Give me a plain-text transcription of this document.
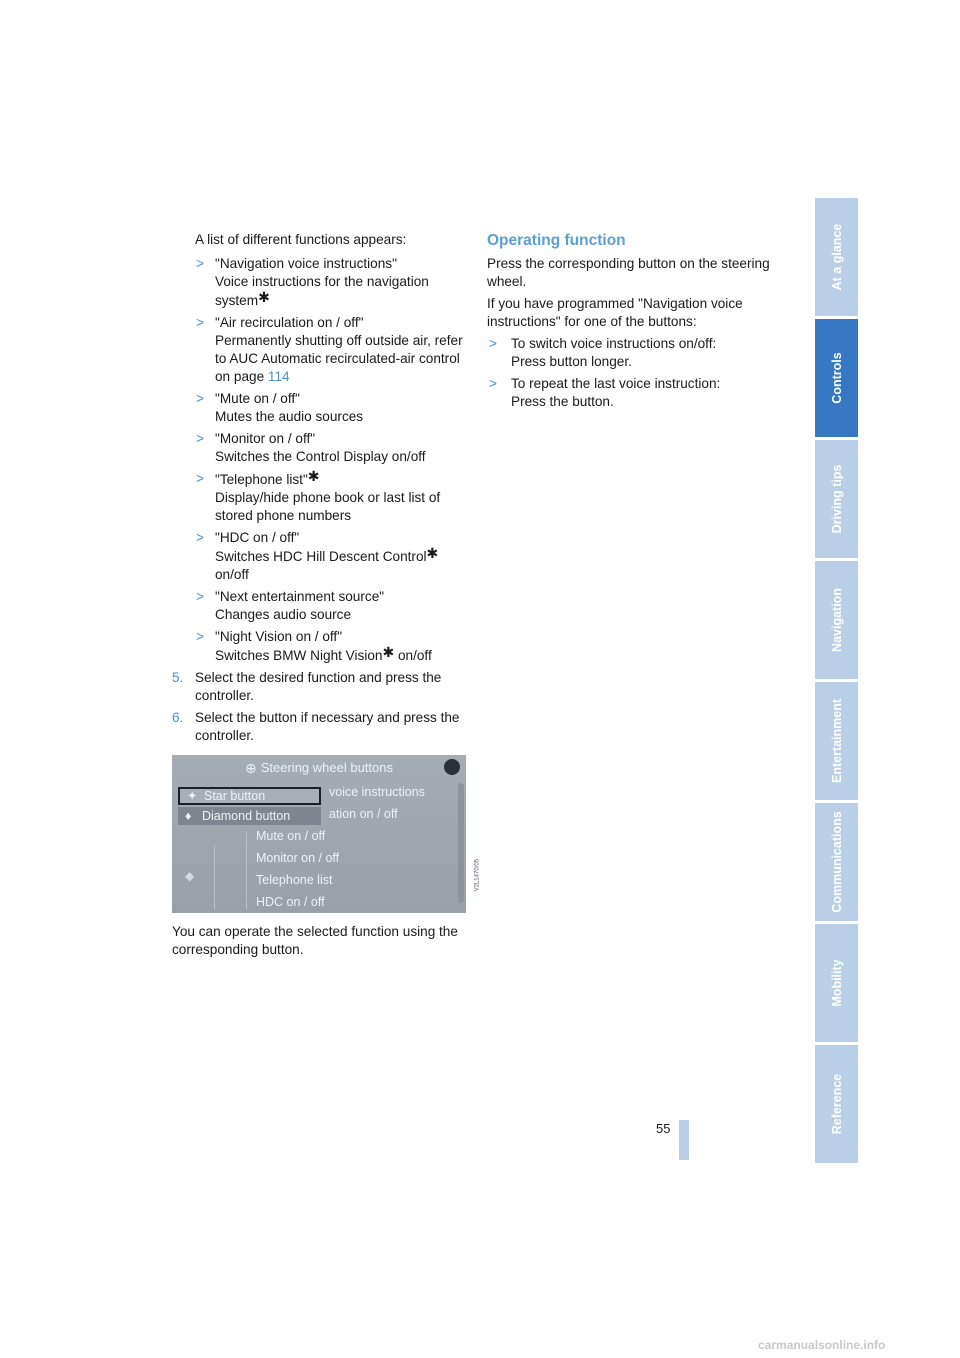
A list of different functions appears:

> "Navigation voice instructions"
Voice instructions for the navigation system✱
> "Air recirculation on / off"
Permanently shutting off outside air, refer to AUC Automatic recirculated-air control on page 114
> "Mute on / off"
Mutes the audio sources
> "Monitor on / off"
Switches the Control Display on/off
> "Telephone list"✱
Display/hide phone book or last list of stored phone numbers
> "HDC on / off"
Switches HDC Hill Descent Control✱ on/off
> "Next entertainment source"
Changes audio source
> "Night Vision on / off"
Switches BMW Night Vision✱ on/off
5. Select the desired function and press the controller.
6. Select the button if necessary and press the controller.
⊕ Steering wheel buttons
voice instructions
ation on / off
Mute on / off
Monitor on / off
Telephone list
HDC on / off
✦ Star button
♦ Diamond button
◆	V2L1470/05

You can operate the selected function using the corresponding button.

Operating function

Press the corresponding button on the steering wheel.

If you have programmed "Navigation voice instructions" for one of the buttons:

> To switch voice instructions on/off:
Press button longer.
> To repeat the last voice instruction:
Press the button.
At a glance
Controls
Driving tips
Navigation
Entertainment
Communications
Mobility
Reference
55
carmanualsonline.info
